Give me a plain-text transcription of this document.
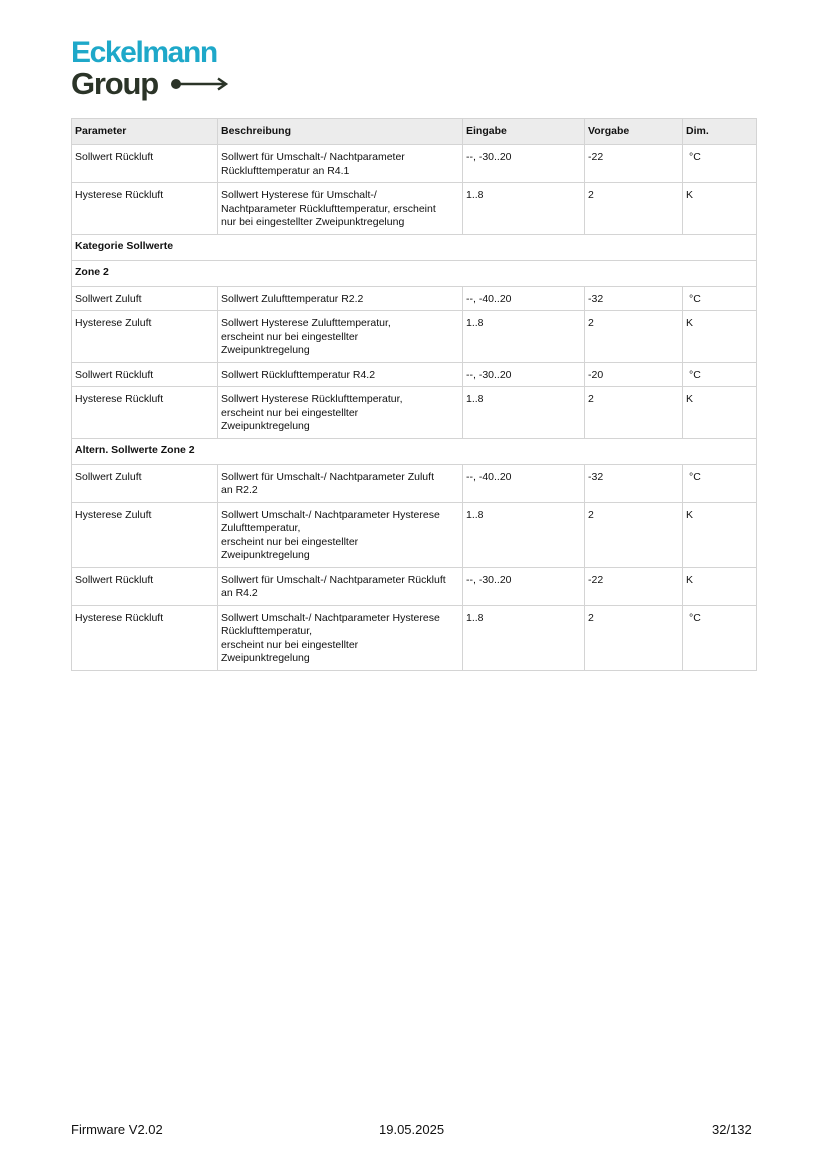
Eckelmann
Group
Parameter	Beschreibung	Eingabe	Vorgabe	Dim.
Sollwert Rückluft	Sollwert für Umschalt-/ Nachtparameter
Rücklufttemperatur an R4.1	--, -30..20	-22	°C
Hysterese Rückluft	Sollwert Hysterese für Umschalt-/
Nachtparameter Rücklufttemperatur, erscheint
nur bei eingestellter Zweipunktregelung	1..8	2	K
Kategorie Sollwerte				
Zone 2				
Sollwert Zuluft	Sollwert Zulufttemperatur R2.2	--, -40..20	-32	°C
Hysterese Zuluft	Sollwert Hysterese Zulufttemperatur,
erscheint nur bei eingestellter
Zweipunktregelung	1..8	2	K
Sollwert Rückluft	Sollwert Rücklufttemperatur R4.2	--, -30..20	-20	°C
Hysterese Rückluft	Sollwert Hysterese Rücklufttemperatur,
erscheint nur bei eingestellter
Zweipunktregelung	1..8	2	K
Altern. Sollwerte Zone 2				
Sollwert Zuluft	Sollwert für Umschalt-/ Nachtparameter Zuluft
an R2.2	--, -40..20	-32	°C
Hysterese Zuluft	Sollwert Umschalt-/ Nachtparameter Hysterese
Zulufttemperatur,
erscheint nur bei eingestellter
Zweipunktregelung	1..8	2	K
Sollwert Rückluft	Sollwert für Umschalt-/ Nachtparameter Rückluft
an R4.2	--, -30..20	-22	K
Hysterese Rückluft	Sollwert Umschalt-/ Nachtparameter Hysterese
Rücklufttemperatur,
erscheint nur bei eingestellter
Zweipunktregelung	1..8	2	°C
Firmware V2.02	19.05.2025	32/132
